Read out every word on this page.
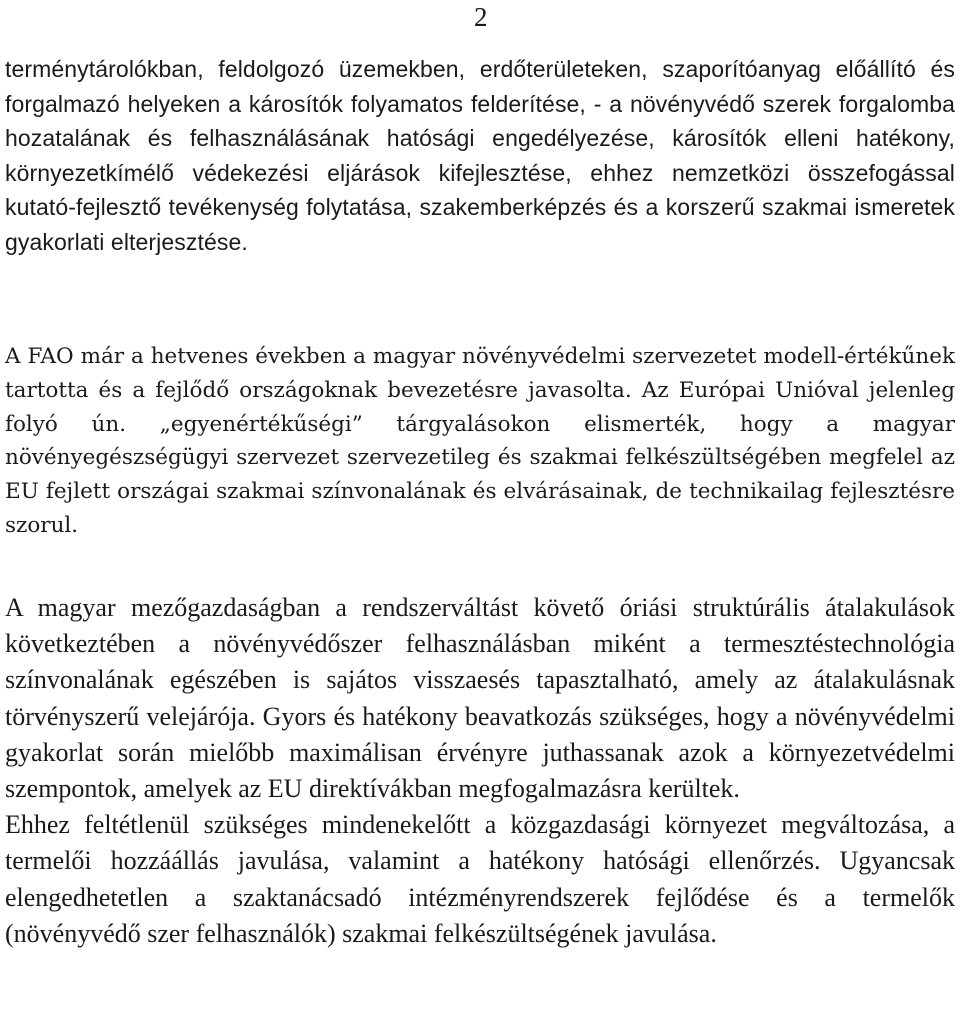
2

terménytárolókban, feldolgozó üzemekben, erdőterületeken, szaporítóanyag előállító és forgalmazó helyeken a károsítók folyamatos felderítése, - a növényvédő szerek forgalomba hozatalának és felhasználásának hatósági engedélyezése, károsítók elleni hatékony, környezetkímélő védekezési eljárások kifejlesztése, ehhez nemzetközi összefogással kutató-fejlesztő tevékenység folytatása, szakemberképzés és a korszerű szakmai ismeretek gyakorlati elterjesztése.

A FAO már a hetvenes években a magyar növényvédelmi szervezetet modell-értékűnek tartotta és a fejlődő országoknak bevezetésre javasolta. Az Európai Unióval jelenleg folyó ún. „egyenértékűségi” tárgyalásokon elismerték, hogy a magyar növényegészségügyi szervezet szervezetileg és szakmai felkészültségében megfelel az EU fejlett országai szakmai színvonalának és elvárásainak, de technikailag fejlesztésre szorul.

A magyar mezőgazdaságban a rendszerváltást követő óriási struktúrális átalakulások következtében a növényvédőszer felhasználásban miként a termesztéstechnológia színvonalának egészében is sajátos visszaesés tapasztalható, amely az átalakulásnak törvényszerű velejárója. Gyors és hatékony beavatkozás szükséges, hogy a növényvédelmi gyakorlat során mielőbb maximálisan érvényre juthassanak azok a környezetvédelmi szempontok, amelyek az EU direktívákban megfogalmazásra kerültek.

Ehhez feltétlenül szükséges mindenekelőtt a közgazdasági környezet megváltozása, a termelői hozzáállás javulása, valamint a hatékony hatósági ellenőrzés. Ugyancsak elengedhetetlen a szaktanácsadó intézményrendszerek fejlődése és a termelők (növényvédő szer felhasználók) szakmai felkészültségének javulása.
